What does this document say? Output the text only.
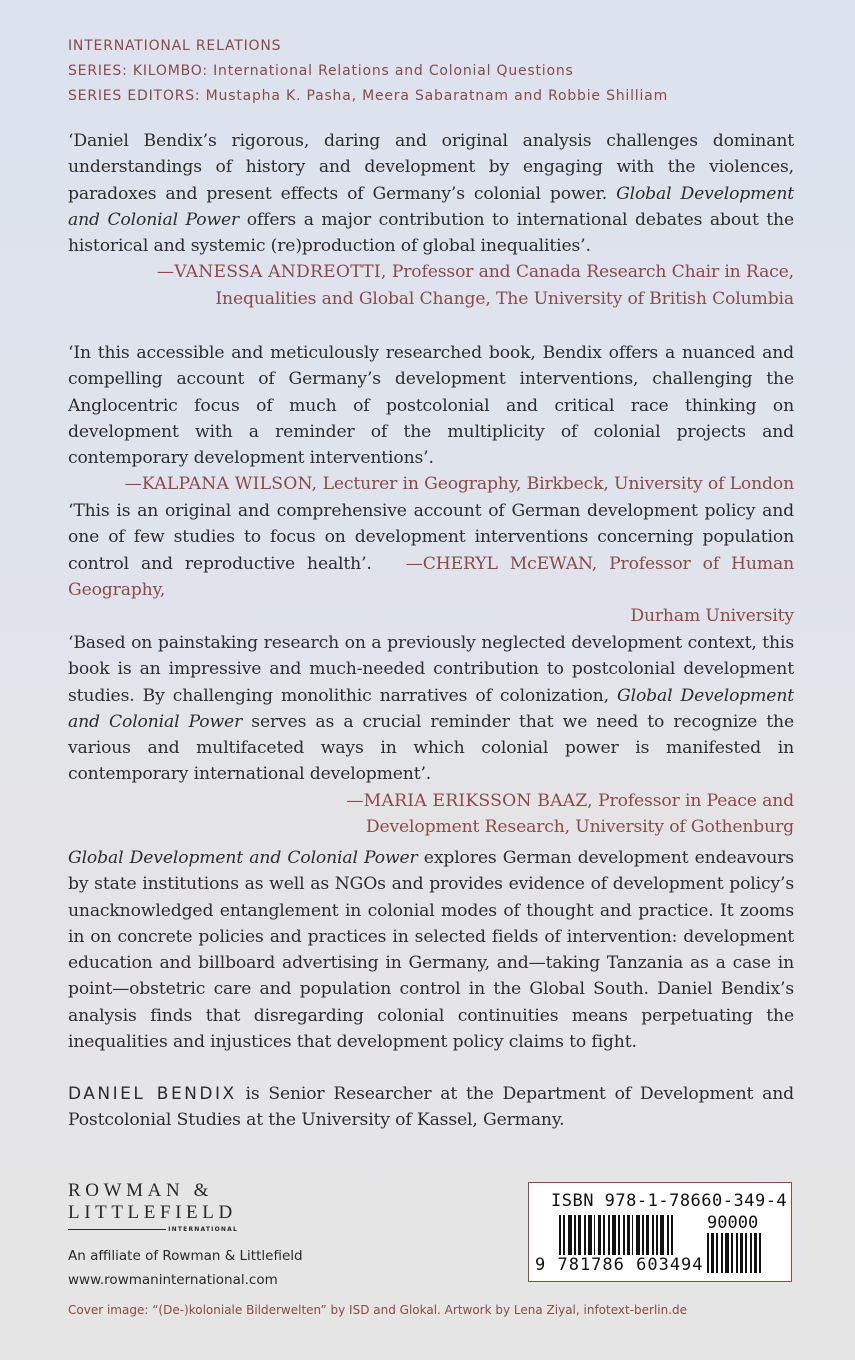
INTERNATIONAL RELATIONS
SERIES: KILOMBO: International Relations and Colonial Questions
SERIES EDITORS: Mustapha K. Pasha, Meera Sabaratnam and Robbie Shilliam
‘Daniel Bendix’s rigorous, daring and original analysis challenges dominant understandings of history and development by engaging with the violences, paradoxes and present effects of Germany’s colonial power. Global Development and Colonial Power offers a major contribution to international debates about the historical and systemic (re)production of global inequalities’.
—VANESSA ANDREOTTI, Professor and Canada Research Chair in Race,
Inequalities and Global Change, The University of British Columbia
‘In this accessible and meticulously researched book, Bendix offers a nuanced and compelling account of Germany’s development interventions, challenging the Anglocentric focus of much of postcolonial and critical race thinking on development with a reminder of the multiplicity of colonial projects and contemporary development interventions’.
—KALPANA WILSON, Lecturer in Geography, Birkbeck, University of London
‘This is an original and comprehensive account of German development policy and one of few studies to focus on development interventions concerning population control and reproductive health’. —CHERYL McEWAN, Professor of Human Geography,
Durham University
‘Based on painstaking research on a previously neglected development context, this book is an impressive and much-needed contribution to postcolonial development studies. By challenging monolithic narratives of colonization, Global Development and Colonial Power serves as a crucial reminder that we need to recognize the various and multifaceted ways in which colonial power is manifested in contemporary international development’.
—MARIA ERIKSSON BAAZ, Professor in Peace and
Development Research, University of Gothenburg
Global Development and Colonial Power explores German development endeavours by state institutions as well as NGOs and provides evidence of development policy’s unacknowledged entanglement in colonial modes of thought and practice. It zooms in on concrete policies and practices in selected fields of intervention: development education and billboard advertising in Germany, and—taking Tanzania as a case in point—obstetric care and population control in the Global South. Daniel Bendix’s analysis finds that disregarding colonial continuities means perpetuating the inequalities and injustices that development policy claims to fight.
DANIEL BENDIX is Senior Researcher at the Department of Development and Postcolonial Studies at the University of Kassel, Germany.
ROWMAN &
LITTLEFIELD
INTERNATIONAL
An affiliate of Rowman & Littlefield
www.rowmaninternational.com
ISBN 978-1-78660-349-4
90000
9 781786 603494
Cover image: “(De-)koloniale Bilderwelten” by ISD and Glokal. Artwork by Lena Ziyal, infotext-berlin.de
